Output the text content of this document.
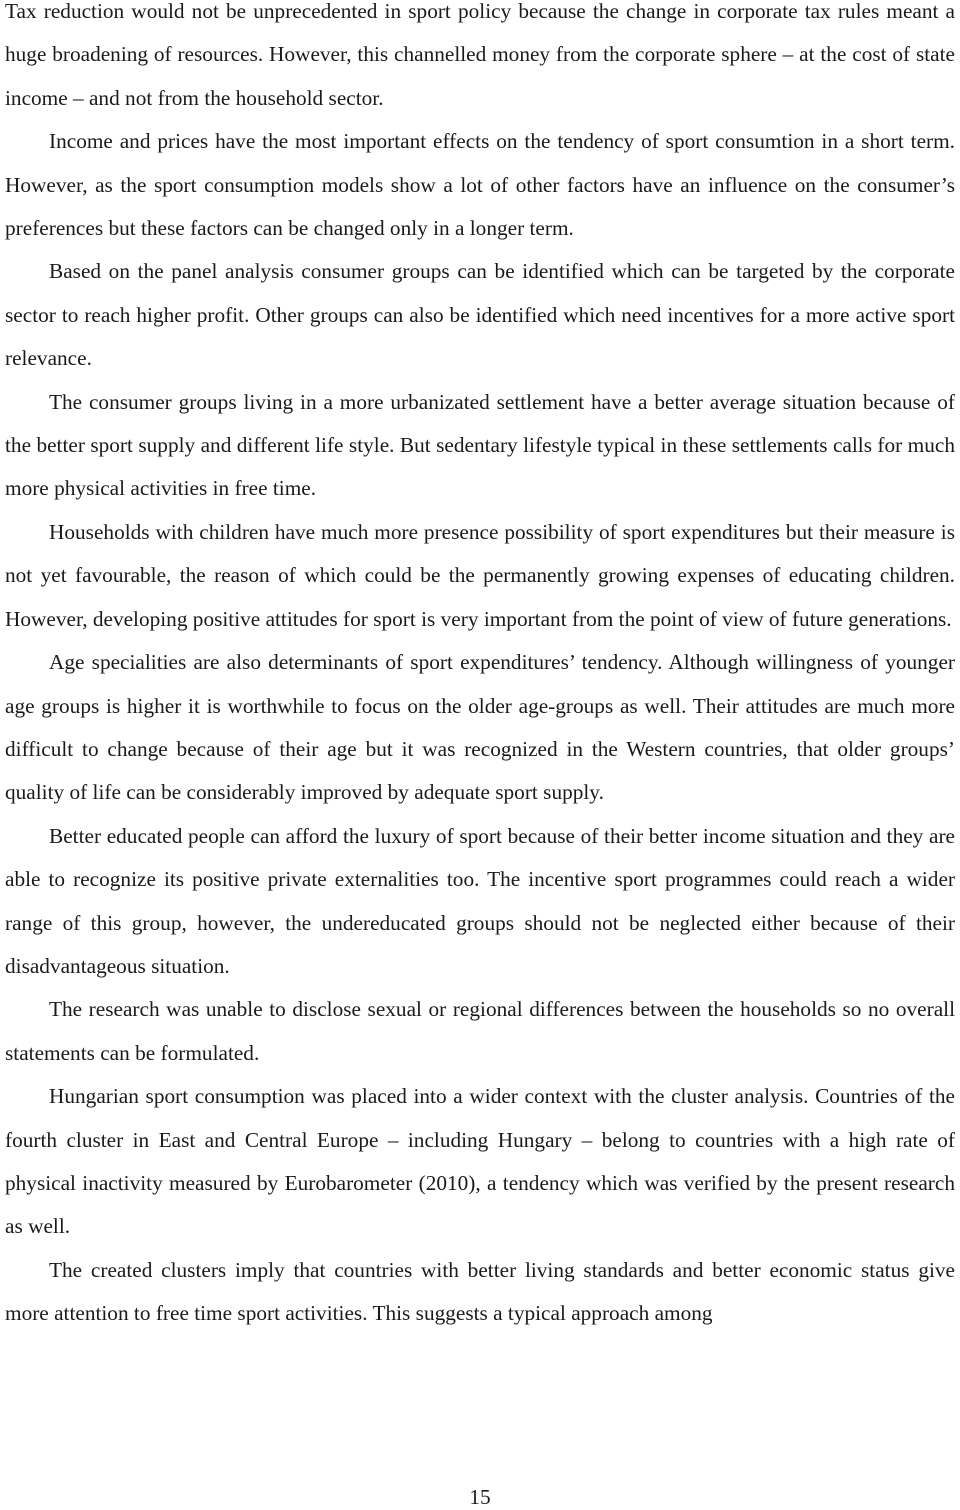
Tax reduction would not be unprecedented in sport policy because the change in corporate tax rules meant a huge broadening of resources. However, this channelled money from the corporate sphere – at the cost of state income – and not from the household sector.

Income and prices have the most important effects on the tendency of sport consumtion in a short term. However, as the sport consumption models show a lot of other factors have an influence on the consumer’s preferences but these factors can be changed only in a longer term.

Based on the panel analysis consumer groups can be identified which can be targeted by the corporate sector to reach higher profit. Other groups can also be identified which need incentives for a more active sport relevance.

The consumer groups living in a more urbanizated settlement have a better average situation because of the better sport supply and different life style. But sedentary lifestyle typical in these settlements calls for much more physical activities in free time.

Households with children have much more presence possibility of sport expenditures but their measure is not yet favourable, the reason of which could be the permanently growing expenses of educating children. However, developing positive attitudes for sport is very important from the point of view of future generations.

Age specialities are also determinants of sport expenditures’ tendency. Although willingness of younger age groups is higher it is worthwhile to focus on the older age-groups as well. Their attitudes are much more difficult to change because of their age but it was recognized in the Western countries, that older groups’ quality of life can be considerably improved by adequate sport supply.

Better educated people can afford the luxury of sport because of their better income situation and they are able to recognize its positive private externalities too. The incentive sport programmes could reach a wider range of this group, however, the undereducated groups should not be neglected either because of their disadvantageous situation.

The research was unable to disclose sexual or regional differences between the households so no overall statements can be formulated.

Hungarian sport consumption was placed into a wider context with the cluster analysis. Countries of the fourth cluster in East and Central Europe – including Hungary – belong to countries with a high rate of physical inactivity measured by Eurobarometer (2010), a tendency which was verified by the present research as well.

The created clusters imply that countries with better living standards and better economic status give more attention to free time sport activities. This suggests a typical approach among

15
